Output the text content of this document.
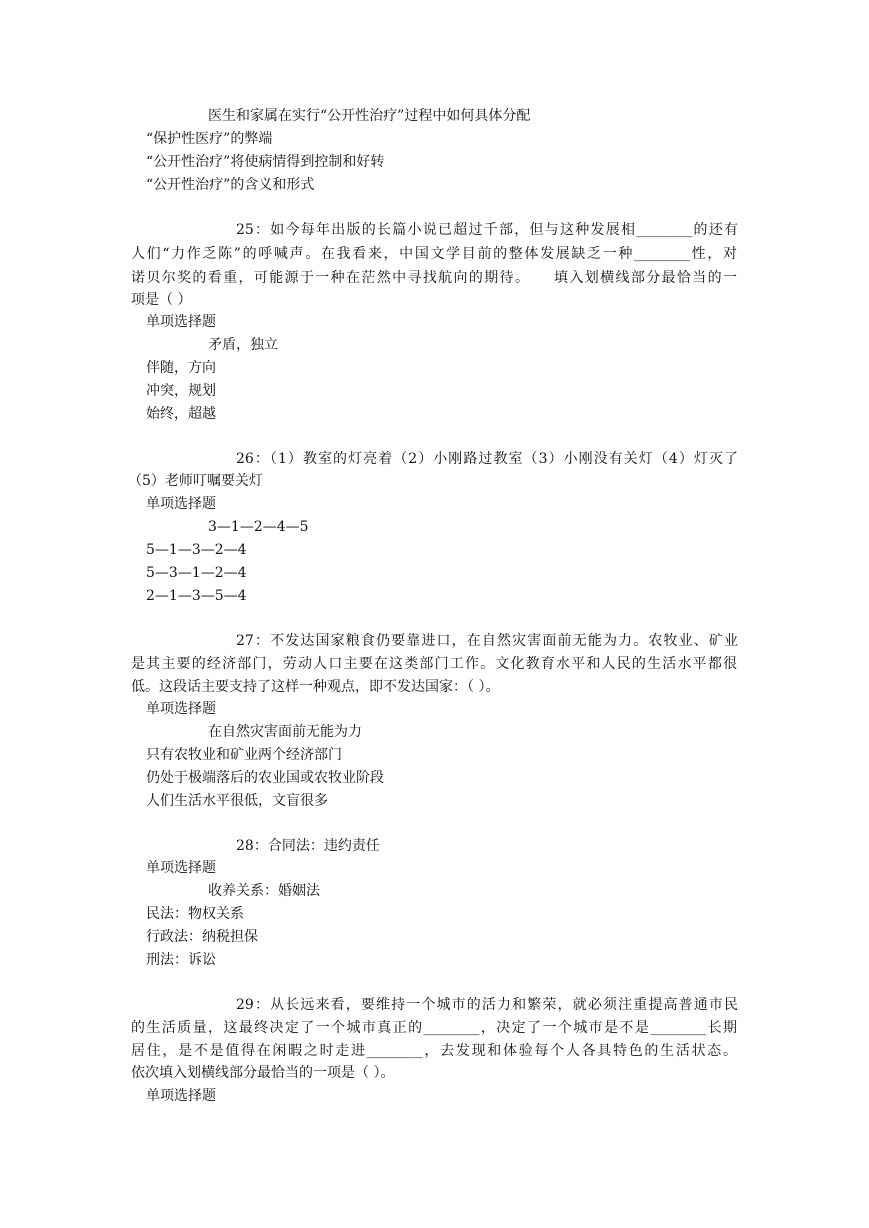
医生和家属在实行“公开性治疗”过程中如何具体分配
“保护性医疗”的弊端
“公开性治疗”将使病情得到控制和好转
“公开性治疗”的含义和形式
25：如今每年出版的长篇小说已超过千部，但与这种发展相________的还有
人们“力作乏陈”的呼喊声。在我看来，中国文学目前的整体发展缺乏一种________性，对
诺贝尔奖的看重，可能源于一种在茫然中寻找航向的期待。　　填入划横线部分最恰当的一
项是（ ）
单项选择题
矛盾，独立
伴随，方向
冲突，规划
始终，超越
26：（1）教室的灯亮着（2）小刚路过教室（3）小刚没有关灯（4）灯灭了
（5）老师叮嘱要关灯
单项选择题
3—1—2—4—5
5—1—3—2—4
5—3—1—2—4
2—1—3—5—4
27：不发达国家粮食仍要靠进口，在自然灾害面前无能为力。农牧业、矿业
是其主要的经济部门，劳动人口主要在这类部门工作。文化教育水平和人民的生活水平都很
低。这段话主要支持了这样一种观点，即不发达国家：（ ）。
单项选择题
在自然灾害面前无能为力
只有农牧业和矿业两个经济部门
仍处于极端落后的农业国或农牧业阶段
人们生活水平很低，文盲很多
28：合同法：违约责任
单项选择题
收养关系：婚姻法
民法：物权关系
行政法：纳税担保
刑法：诉讼
29：从长远来看，要维持一个城市的活力和繁荣，就必须注重提高普通市民
的生活质量，这最终决定了一个城市真正的________，决定了一个城市是不是________长期
居住，是不是值得在闲暇之时走进________，去发现和体验每个人各具特色的生活状态。
依次填入划横线部分最恰当的一项是（ ）。
单项选择题
